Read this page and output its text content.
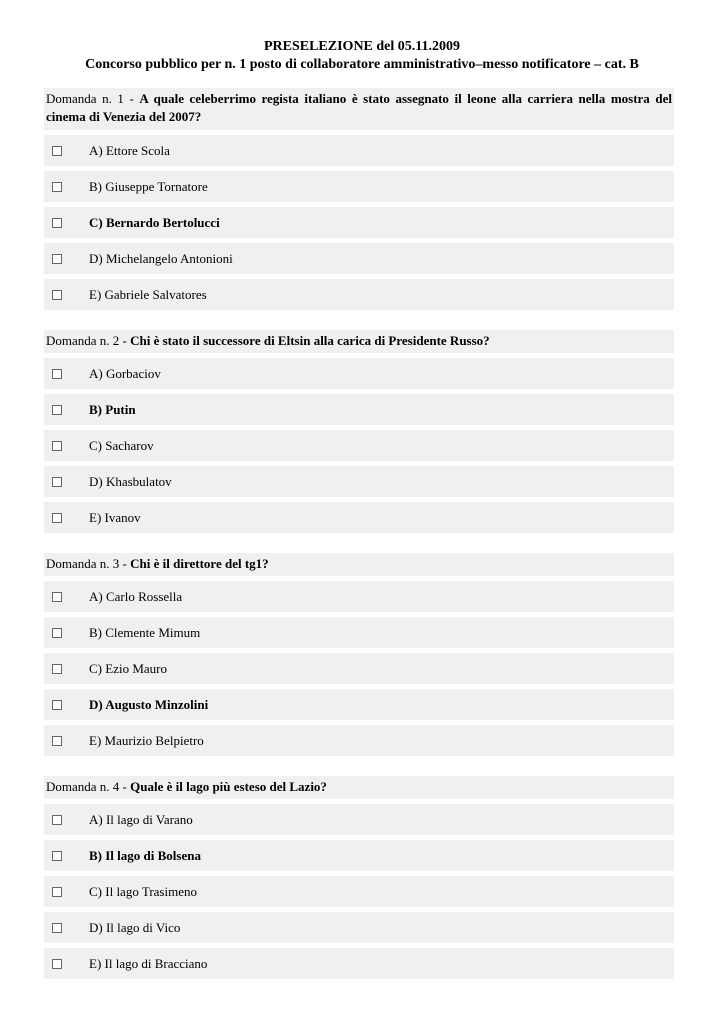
PRESELEZIONE del 05.11.2009
Concorso pubblico per n. 1 posto di collaboratore amministrativo–messo notificatore – cat. B
Domanda n. 1 - A quale celeberrimo regista italiano è stato assegnato il leone alla carriera nella mostra del cinema di Venezia del 2007?
A) Ettore Scola
B) Giuseppe Tornatore
C) Bernardo Bertolucci
D) Michelangelo Antonioni
E) Gabriele Salvatores
Domanda n. 2 - Chi è stato il successore di Eltsin alla carica di Presidente Russo?
A) Gorbaciov
B) Putin
C) Sacharov
D) Khasbulatov
E) Ivanov
Domanda n. 3 - Chi è il direttore del tg1?
A) Carlo Rossella
B) Clemente Mimum
C) Ezio Mauro
D) Augusto Minzolini
E) Maurizio Belpietro
Domanda n. 4 - Quale è il lago più esteso del Lazio?
A) Il lago di Varano
B) Il lago di Bolsena
C) Il lago Trasimeno
D) Il lago di Vico
E) Il lago di Bracciano
